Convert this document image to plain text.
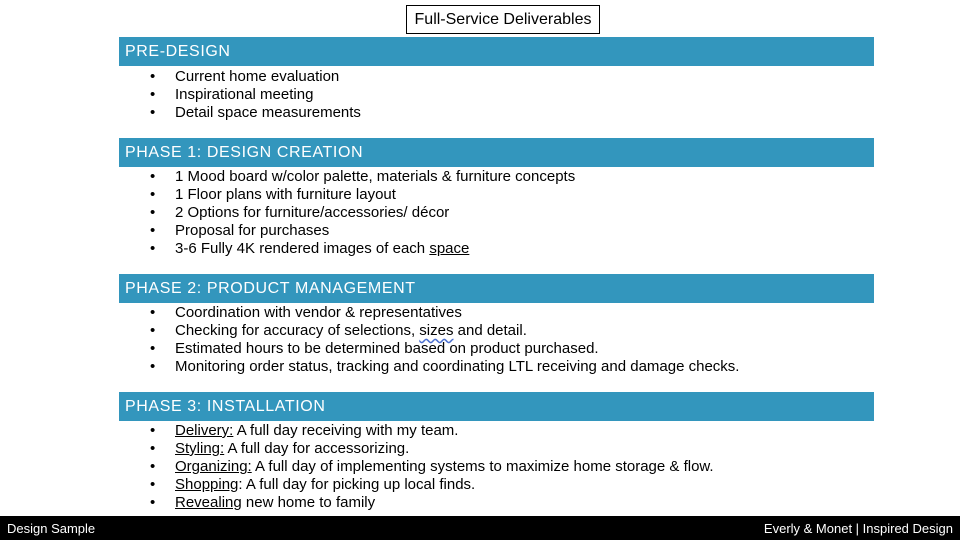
Full-Service Deliverables
PRE-DESIGN
• Current home evaluation
• Inspirational meeting
• Detail space measurements
PHASE 1: DESIGN CREATION
• 1 Mood board w/color palette, materials & furniture concepts
• 1 Floor plans with furniture layout
• 2 Options for furniture/accessories/ décor
• Proposal for purchases
• 3-6 Fully 4K rendered images of each space
PHASE 2: PRODUCT MANAGEMENT
• Coordination with vendor & representatives
• Checking for accuracy of selections, sizes and detail.
• Estimated hours to be determined based on product purchased.
• Monitoring order status, tracking and coordinating LTL receiving and damage checks.
PHASE 3: INSTALLATION
• Delivery: A full day receiving with my team.
• Styling: A full day for accessorizing.
• Organizing: A full day of implementing systems to maximize home storage & flow.
• Shopping: A full day for picking up local finds.
• Revealing new home to family
Design Sample	Everly & Monet | Inspired Design
